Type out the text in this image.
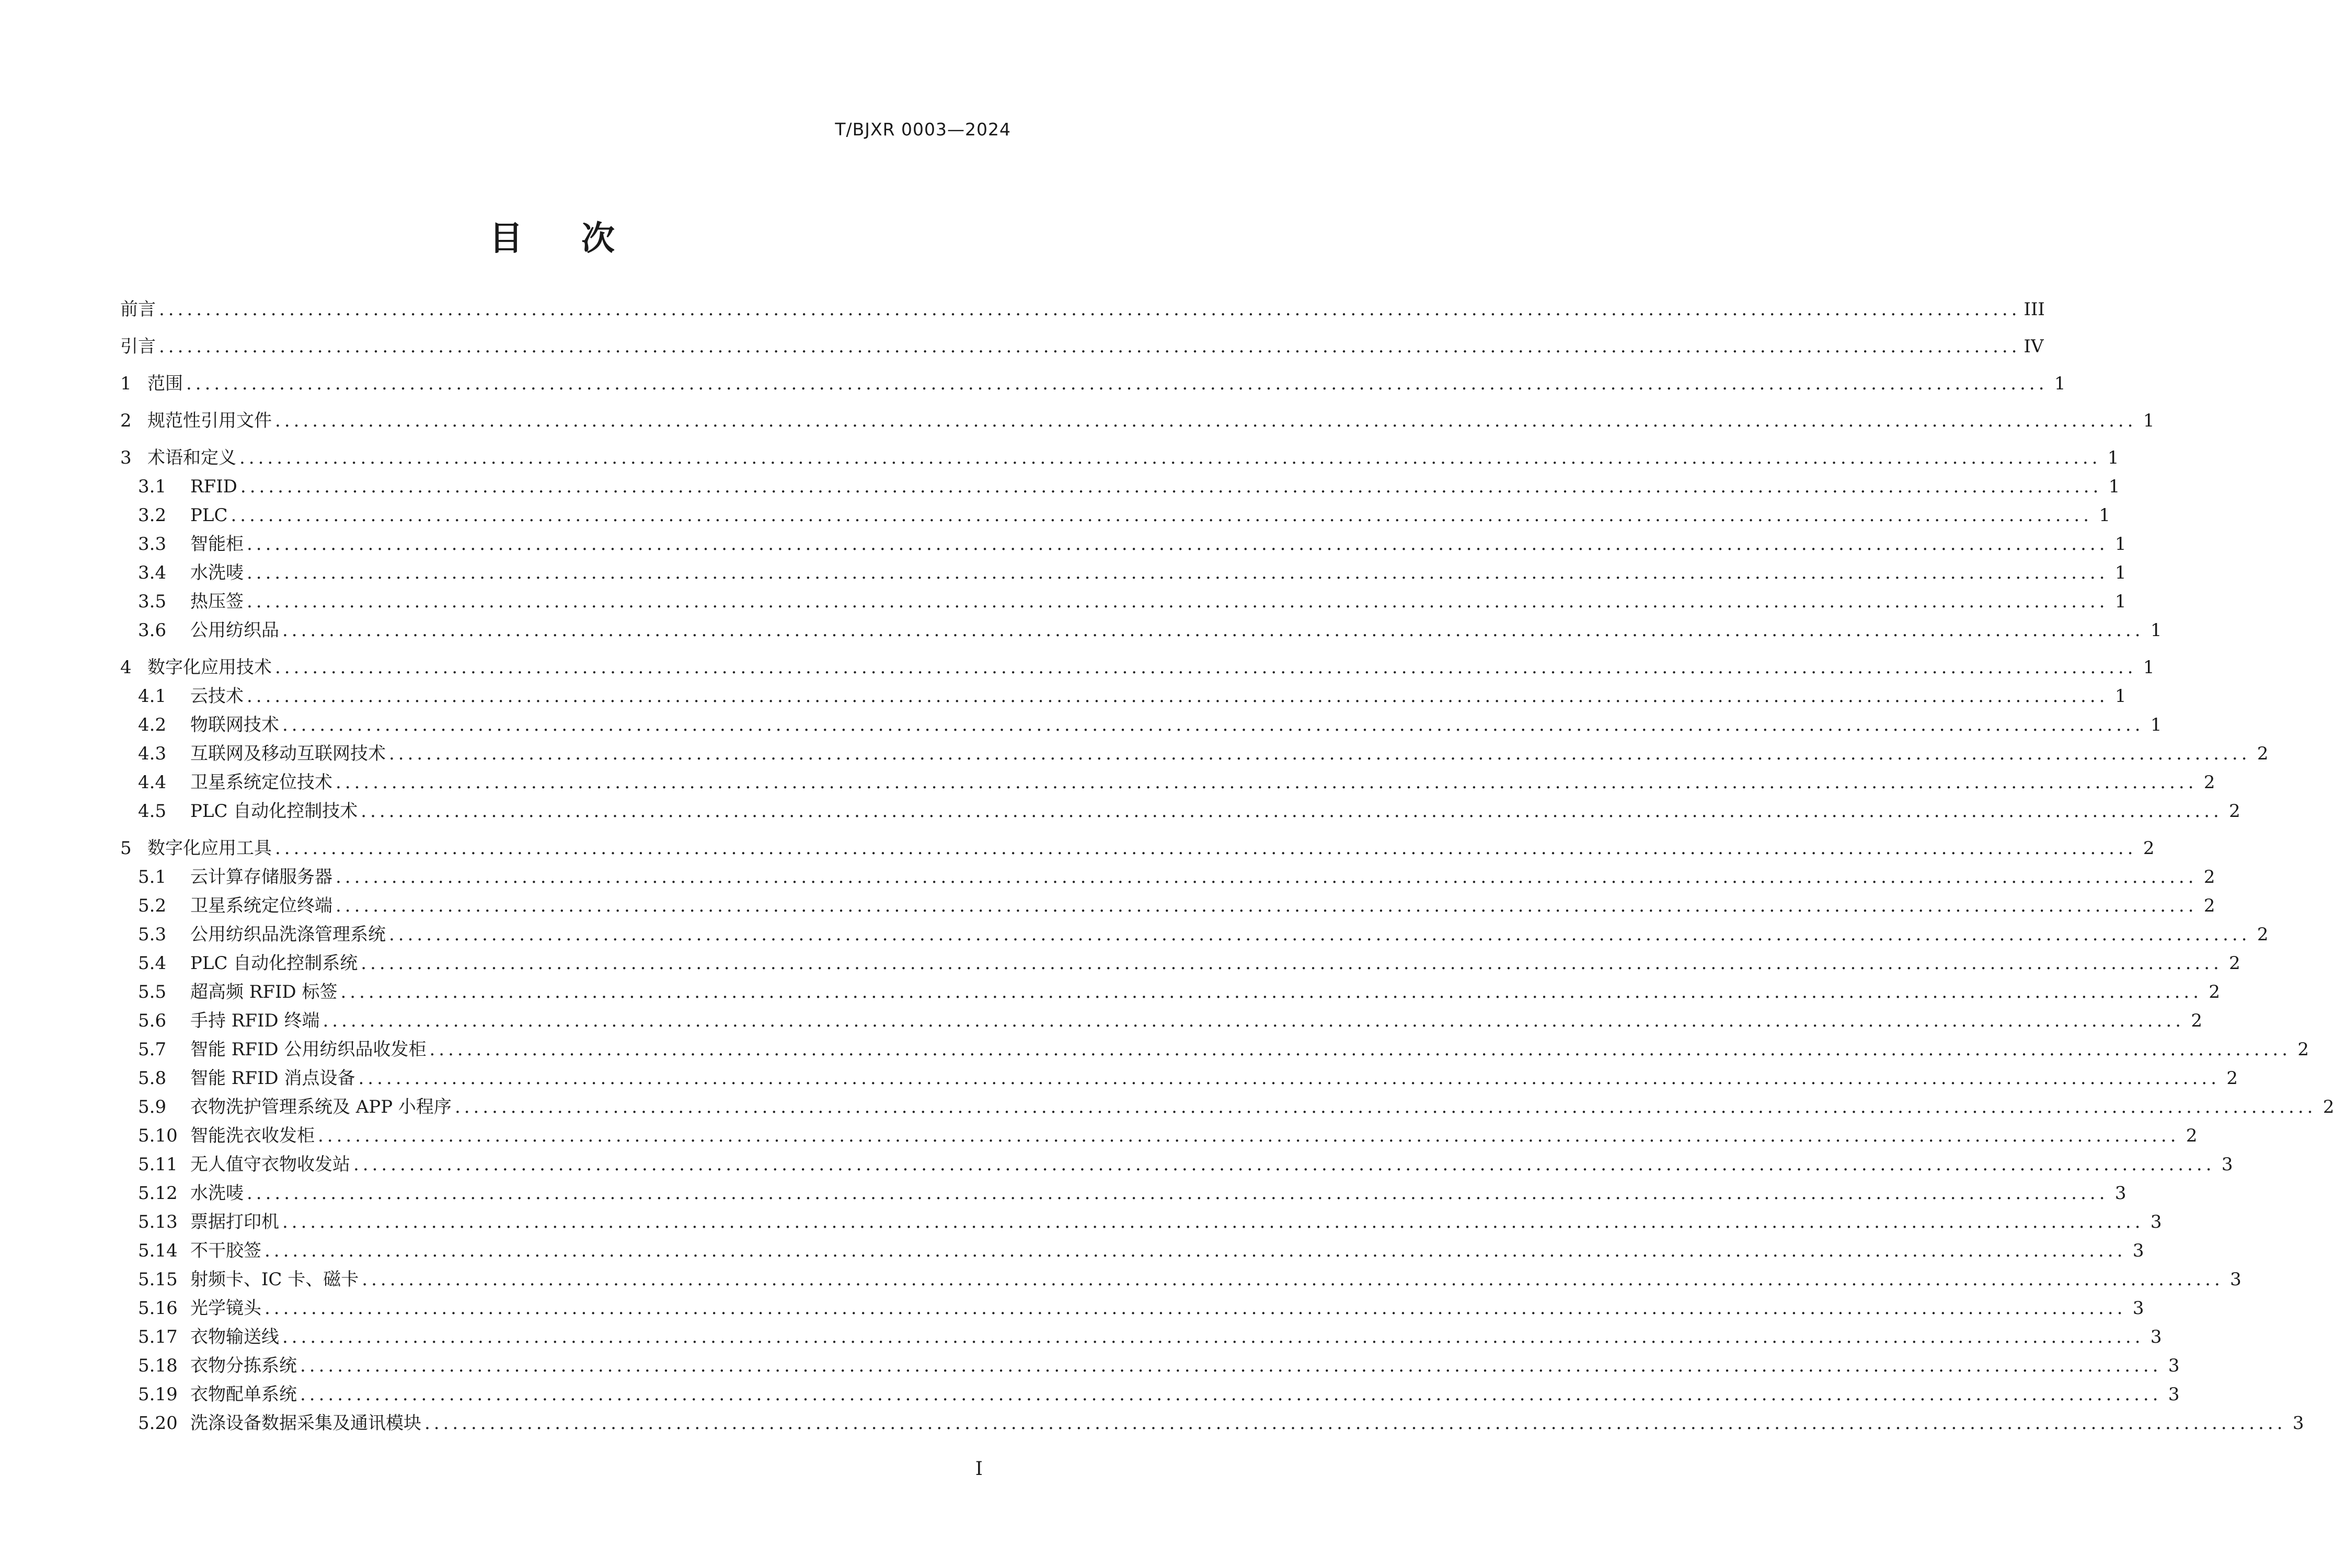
T/BJXR 0003—2024
目 次
前言 ........................................................................................................................................................................................................ III
引言 ........................................................................................................................................................................................................ IV
1 范围 ........................................................................................................................................................................................................ 1
2 规范性引用文件 ........................................................................................................................................................................................................ 1
3 术语和定义 ........................................................................................................................................................................................................ 1
3.1	RFID ........................................................................................................................................................................................................ 1
3.2	PLC ........................................................................................................................................................................................................ 1
3.3	智能柜 ........................................................................................................................................................................................................ 1
3.4	水洗唛 ........................................................................................................................................................................................................ 1
3.5	热压签 ........................................................................................................................................................................................................ 1
3.6	公用纺织品 ........................................................................................................................................................................................................ 1
4 数字化应用技术 ........................................................................................................................................................................................................ 1
4.1	云技术 ........................................................................................................................................................................................................ 1
4.2	物联网技术 ........................................................................................................................................................................................................ 1
4.3	互联网及移动互联网技术 ........................................................................................................................................................................................................ 2
4.4	卫星系统定位技术 ........................................................................................................................................................................................................ 2
4.5	PLC 自动化控制技术 ........................................................................................................................................................................................................ 2
5 数字化应用工具 ........................................................................................................................................................................................................ 2
5.1	云计算存储服务器 ........................................................................................................................................................................................................ 2
5.2	卫星系统定位终端 ........................................................................................................................................................................................................ 2
5.3	公用纺织品洗涤管理系统 ........................................................................................................................................................................................................ 2
5.4	PLC 自动化控制系统 ........................................................................................................................................................................................................ 2
5.5	超高频 RFID 标签 ........................................................................................................................................................................................................ 2
5.6	手持 RFID 终端 ........................................................................................................................................................................................................ 2
5.7	智能 RFID 公用纺织品收发柜 ........................................................................................................................................................................................................ 2
5.8	智能 RFID 消点设备 ........................................................................................................................................................................................................ 2
5.9	衣物洗护管理系统及 APP 小程序 ........................................................................................................................................................................................................ 2
5.10 智能洗衣收发柜 ........................................................................................................................................................................................................ 2
5.11 无人值守衣物收发站 ........................................................................................................................................................................................................ 3
5.12 水洗唛 ........................................................................................................................................................................................................ 3
5.13 票据打印机 ........................................................................................................................................................................................................ 3
5.14 不干胶签 ........................................................................................................................................................................................................ 3
5.15 射频卡、IC 卡、磁卡 ........................................................................................................................................................................................................ 3
5.16 光学镜头 ........................................................................................................................................................................................................ 3
5.17 衣物输送线 ........................................................................................................................................................................................................ 3
5.18 衣物分拣系统 ........................................................................................................................................................................................................ 3
5.19 衣物配单系统 ........................................................................................................................................................................................................ 3
5.20 洗涤设备数据采集及通讯模块 ........................................................................................................................................................................................................ 3
I
